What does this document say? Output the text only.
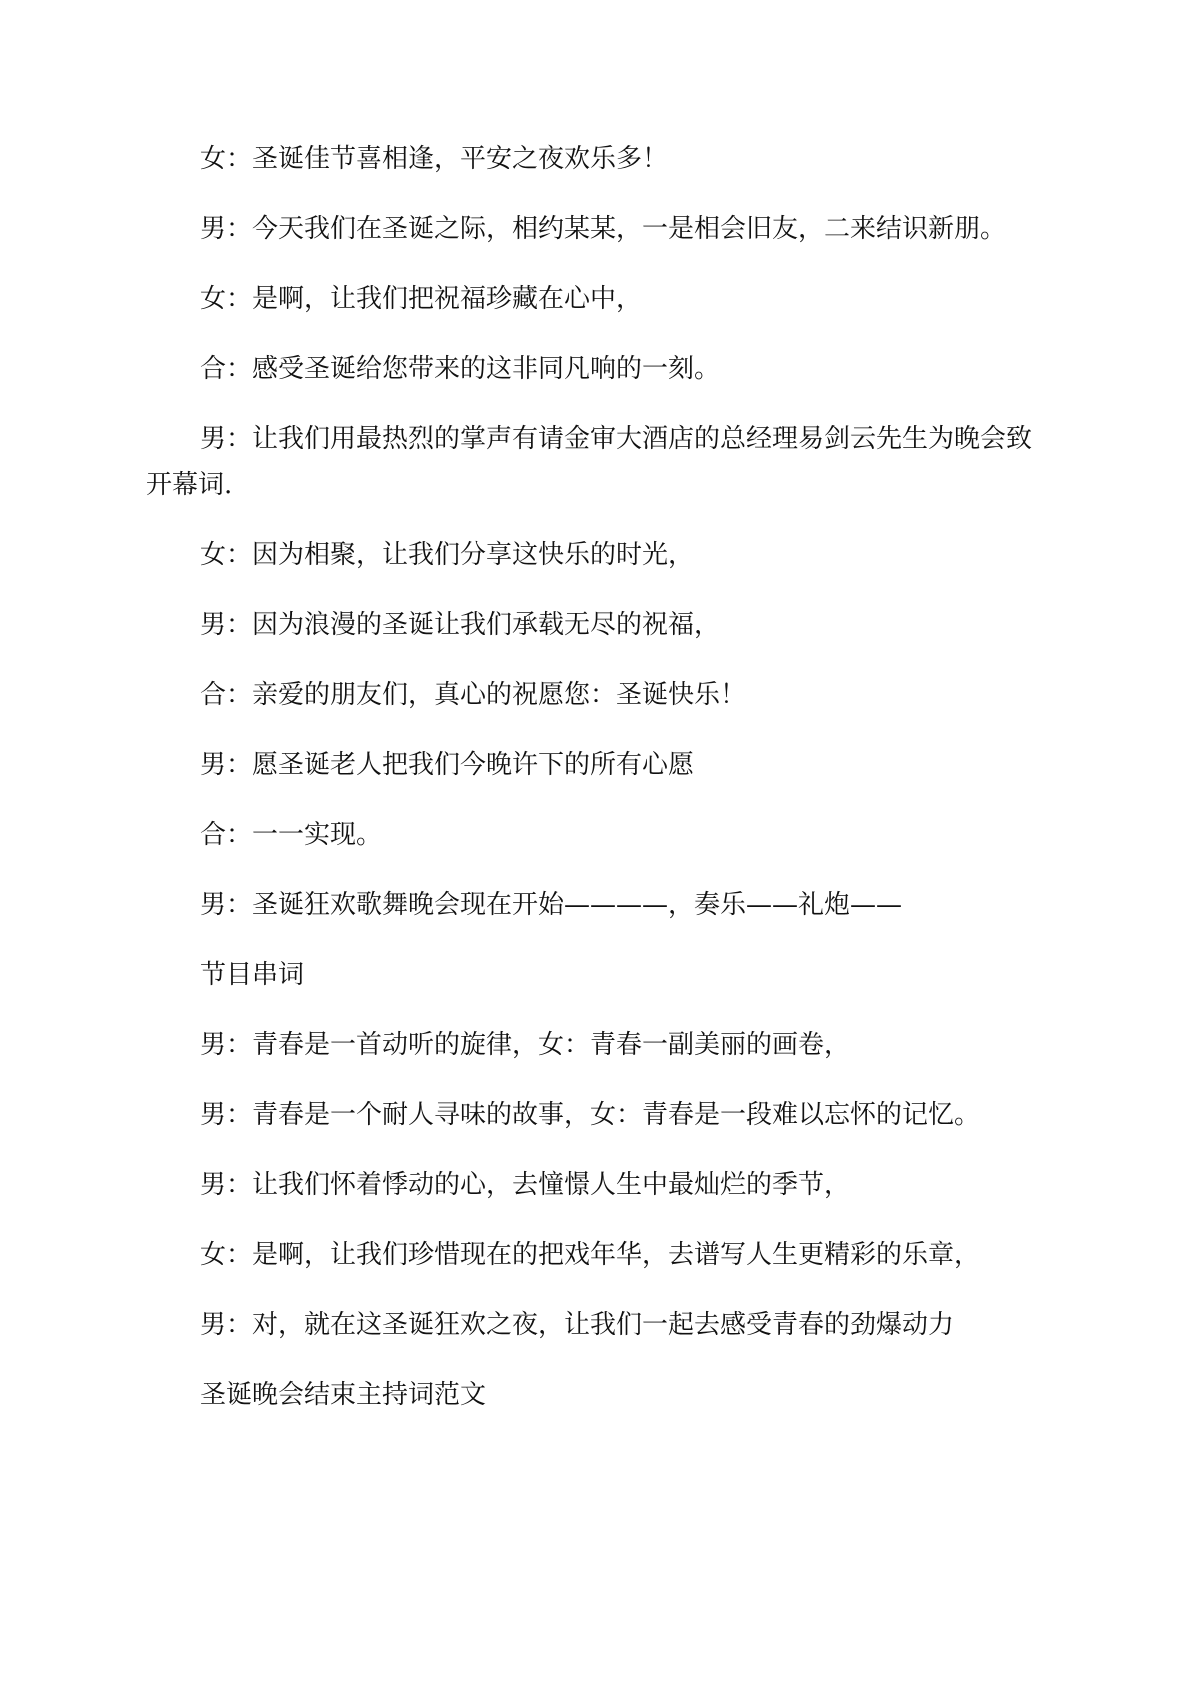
女：圣诞佳节喜相逢，平安之夜欢乐多！

男：今天我们在圣诞之际，相约某某，一是相会旧友，二来结识新朋。

女：是啊，让我们把祝福珍藏在心中，

合：感受圣诞给您带来的这非同凡响的一刻。

男：让我们用最热烈的掌声有请金审大酒店的总经理易剑云先生为晚会致开幕词.

女：因为相聚，让我们分享这快乐的时光，

男：因为浪漫的圣诞让我们承载无尽的祝福，

合：亲爱的朋友们，真心的祝愿您：圣诞快乐！

男：愿圣诞老人把我们今晚许下的所有心愿

合：一一实现。

男：圣诞狂欢歌舞晚会现在开始————，奏乐——礼炮——

节目串词

男：青春是一首动听的旋律，女：青春一副美丽的画卷，

男：青春是一个耐人寻味的故事，女：青春是一段难以忘怀的记忆。

男：让我们怀着悸动的心，去憧憬人生中最灿烂的季节，

女：是啊，让我们珍惜现在的把戏年华，去谱写人生更精彩的乐章，

男：对，就在这圣诞狂欢之夜，让我们一起去感受青春的劲爆动力

圣诞晚会结束主持词范文
